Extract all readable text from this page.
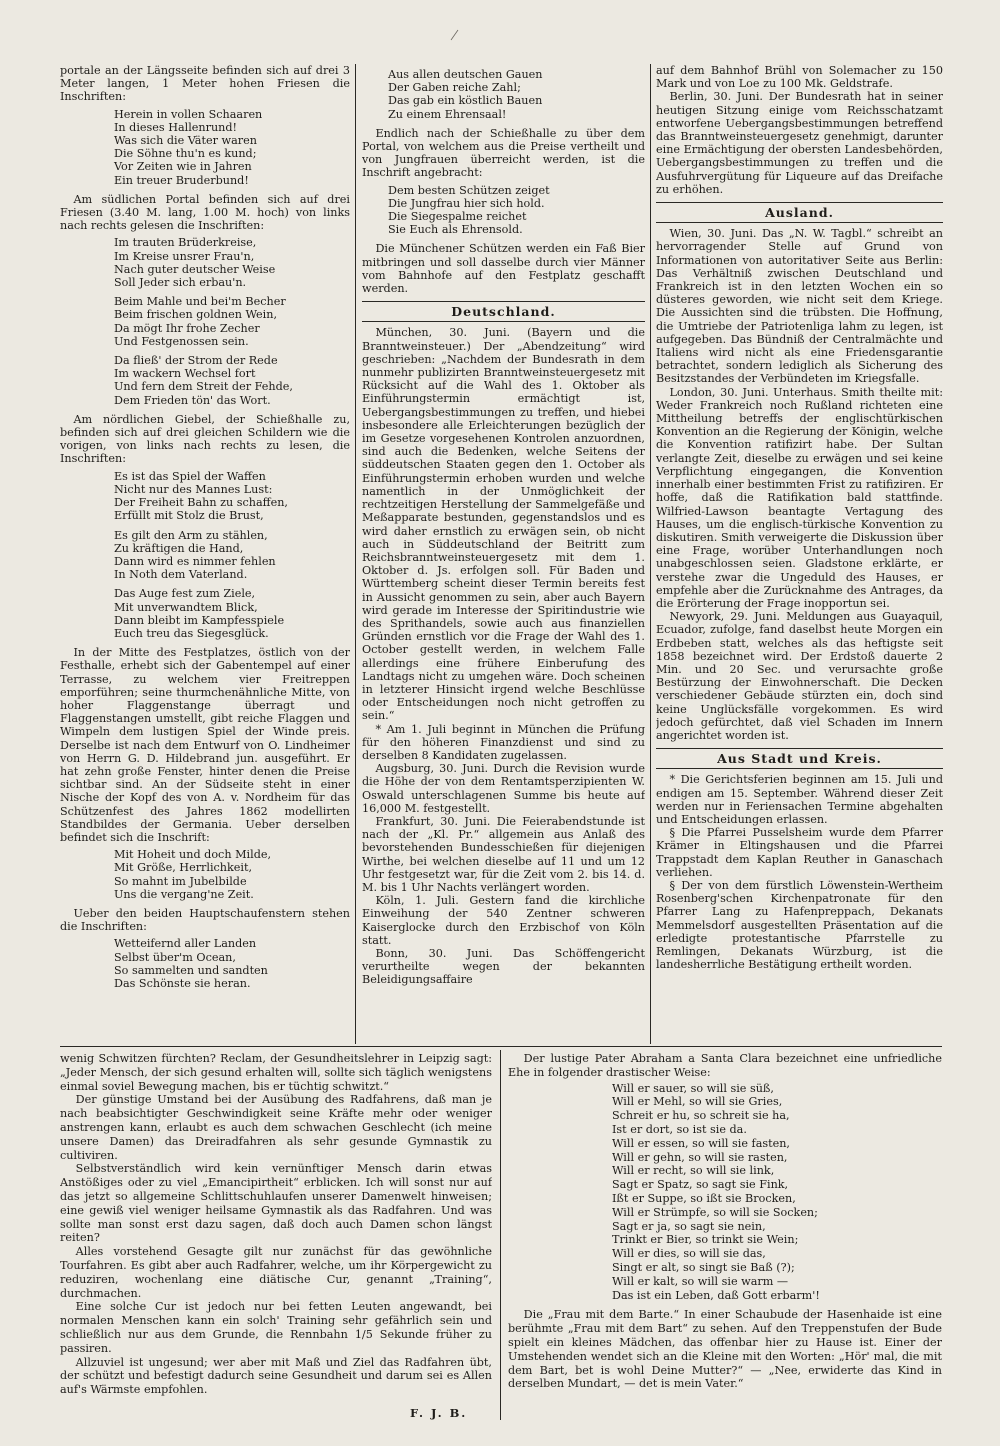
portale an der Längsseite befinden sich auf drei 3 Meter langen, 1 Meter hohen Friesen die Inschriften:

Herein in vollen Schaaren
In dieses Hallenrund!
Was sich die Väter waren
Die Söhne thu'n es kund;
Vor Zeiten wie in Jahren
Ein treuer Bruderbund!

Am südlichen Portal befinden sich auf drei Friesen (3.40 M. lang, 1.00 M. hoch) von links nach rechts gelesen die Inschriften:

Im trauten Brüderkreise,
Im Kreise unsrer Frau'n,
Nach guter deutscher Weise
Soll Jeder sich erbau'n.
Beim Mahle und bei'm Becher
Beim frischen goldnen Wein,
Da mögt Ihr frohe Zecher
Und Festgenossen sein.
Da fließ' der Strom der Rede
Im wackern Wechsel fort
Und fern dem Streit der Fehde,
Dem Frieden tön' das Wort.

Am nördlichen Giebel, der Schießhalle zu, befinden sich auf drei gleichen Schildern wie die vorigen, von links nach rechts zu lesen, die Inschriften:

Es ist das Spiel der Waffen
Nicht nur des Mannes Lust:
Der Freiheit Bahn zu schaffen,
Erfüllt mit Stolz die Brust,
Es gilt den Arm zu stählen,
Zu kräftigen die Hand,
Dann wird es nimmer fehlen
In Noth dem Vaterland.
Das Auge fest zum Ziele,
Mit unverwandtem Blick,
Dann bleibt im Kampfesspiele
Euch treu das Siegesglück.

In der Mitte des Festplatzes, östlich von der Festhalle, erhebt sich der Gabentempel auf einer Terrasse, zu welchem vier Freitreppen emporführen; seine thurmchenähnliche Mitte, von hoher Flaggenstange überragt und Flaggenstangen umstellt, gibt reiche Flaggen und Wimpeln dem lustigen Spiel der Winde preis. Derselbe ist nach dem Entwurf von O. Lindheimer von Herrn G. D. Hildebrand jun. ausgeführt. Er hat zehn große Fenster, hinter denen die Preise sichtbar sind. An der Südseite steht in einer Nische der Kopf des von A. v. Nordheim für das Schützenfest des Jahres 1862 modellirten Standbildes der Germania. Ueber derselben befindet sich die Inschrift:

Mit Hoheit und doch Milde,
Mit Größe, Herrlichkeit,
So mahnt im Jubelbilde
Uns die vergang'ne Zeit.

Ueber den beiden Hauptschaufenstern stehen die Inschriften:

Wetteifernd aller Landen
Selbst über'm Ocean,
So sammelten und sandten
Das Schönste sie heran.
Aus allen deutschen Gauen
Der Gaben reiche Zahl;
Das gab ein köstlich Bauen
Zu einem Ehrensaal!

Endlich nach der Schießhalle zu über dem Portal, von welchem aus die Preise vertheilt und von Jungfrauen überreicht werden, ist die Inschrift angebracht:

Dem besten Schützen zeiget
Die Jungfrau hier sich hold.
Die Siegespalme reichet
Sie Euch als Ehrensold.

Die Münchener Schützen werden ein Faß Bier mitbringen und soll dasselbe durch vier Männer vom Bahnhofe auf den Festplatz geschafft werden.

Deutschland.

München, 30. Juni. (Bayern und die Branntweinsteuer.) Der „Abendzeitung“ wird geschrieben: „Nachdem der Bundesrath in dem nunmehr publizirten Branntweinsteuergesetz mit Rücksicht auf die Wahl des 1. Oktober als Einführungstermin ermächtigt ist, Uebergangsbestimmungen zu treffen, und hiebei insbesondere alle Erleichterungen bezüglich der im Gesetze vorgesehenen Kontrolen anzuordnen, sind auch die Bedenken, welche Seitens der süddeutschen Staaten gegen den 1. October als Einführungstermin erhoben wurden und welche namentlich in der Unmöglichkeit der rechtzeitigen Herstellung der Sammelgefäße und Meßapparate bestunden, gegenstandslos und es wird daher ernstlich zu erwägen sein, ob nicht auch in Süddeutschland der Beitritt zum Reichsbranntweinsteuergesetz mit dem 1. Oktober d. Js. erfolgen soll. Für Baden und Württemberg scheint dieser Termin bereits fest in Aussicht genommen zu sein, aber auch Bayern wird gerade im Interesse der Spiritindustrie wie des Sprithandels, sowie auch aus finanziellen Gründen ernstlich vor die Frage der Wahl des 1. October gestellt werden, in welchem Falle allerdings eine frühere Einberufung des Landtags nicht zu umgehen wäre. Doch scheinen in letzterer Hinsicht irgend welche Beschlüsse oder Entscheidungen noch nicht getroffen zu sein.“

* Am 1. Juli beginnt in München die Prüfung für den höheren Finanzdienst und sind zu derselben 8 Kandidaten zugelassen.

Augsburg, 30. Juni. Durch die Revision wurde die Höhe der von dem Rentamtsperzipienten W. Oswald unterschlagenen Summe bis heute auf 16,000 M. festgestellt.

Frankfurt, 30. Juni. Die Feierabendstunde ist nach der „Kl. Pr.“ allgemein aus Anlaß des bevorstehenden Bundesschießen für diejenigen Wirthe, bei welchen dieselbe auf 11 und um 12 Uhr festgesetzt war, für die Zeit vom 2. bis 14. d. M. bis 1 Uhr Nachts verlängert worden.

Köln, 1. Juli. Gestern fand die kirchliche Einweihung der 540 Zentner schweren Kaiserglocke durch den Erzbischof von Köln statt.

Bonn, 30. Juni. Das Schöffengericht verurtheilte wegen der bekannten Beleidigungsaffaire

auf dem Bahnhof Brühl von Solemacher zu 150 Mark und von Loe zu 100 Mk. Geldstrafe.

Berlin, 30. Juni. Der Bundesrath hat in seiner heutigen Sitzung einige vom Reichsschatzamt entworfene Uebergangsbestimmungen betreffend das Branntweinsteuergesetz genehmigt, darunter eine Ermächtigung der obersten Landesbehörden, Uebergangsbestimmungen zu treffen und die Ausfuhrvergütung für Liqueure auf das Dreifache zu erhöhen.

Ausland.

Wien, 30. Juni. Das „N. W. Tagbl.“ schreibt an hervorragender Stelle auf Grund von Informationen von autoritativer Seite aus Berlin: Das Verhältniß zwischen Deutschland und Frankreich ist in den letzten Wochen ein so düsteres geworden, wie nicht seit dem Kriege. Die Aussichten sind die trübsten. Die Hoffnung, die Umtriebe der Patriotenliga lahm zu legen, ist aufgegeben. Das Bündniß der Centralmächte und Italiens wird nicht als eine Friedensgarantie betrachtet, sondern lediglich als Sicherung des Besitzstandes der Verbündeten im Kriegsfalle.

London, 30. Juni. Unterhaus. Smith theilte mit: Weder Frankreich noch Rußland richteten eine Mittheilung betreffs der englischtürkischen Konvention an die Regierung der Königin, welche die Konvention ratifizirt habe. Der Sultan verlangte Zeit, dieselbe zu erwägen und sei keine Verpflichtung eingegangen, die Konvention innerhalb einer bestimmten Frist zu ratifiziren. Er hoffe, daß die Ratifikation bald stattfinde. Wilfried-Lawson beantagte Vertagung des Hauses, um die englisch-türkische Konvention zu diskutiren. Smith verweigerte die Diskussion über eine Frage, worüber Unterhandlungen noch unabgeschlossen seien. Gladstone erklärte, er verstehe zwar die Ungeduld des Hauses, er empfehle aber die Zurücknahme des Antrages, da die Erörterung der Frage inopportun sei.

Newyork, 29. Juni. Meldungen aus Guayaquil, Ecuador, zufolge, fand daselbst heute Morgen ein Erdbeben statt, welches als das heftigste seit 1858 bezeichnet wird. Der Erdstoß dauerte 2 Min. und 20 Sec. und verursachte große Bestürzung der Einwohnerschaft. Die Decken verschiedener Gebäude stürzten ein, doch sind keine Unglücksfälle vorgekommen. Es wird jedoch gefürchtet, daß viel Schaden im Innern angerichtet worden ist.

Aus Stadt und Kreis.

* Die Gerichtsferien beginnen am 15. Juli und endigen am 15. September. Während dieser Zeit werden nur in Feriensachen Termine abgehalten und Entscheidungen erlassen.

§ Die Pfarrei Pusselsheim wurde dem Pfarrer Krämer in Eltingshausen und die Pfarrei Trappstadt dem Kaplan Reuther in Ganaschach verliehen.

§ Der von dem fürstlich Löwenstein-Wertheim Rosenberg'schen Kirchenpatronate für den Pfarrer Lang zu Hafenpreppach, Dekanats Memmelsdorf ausgestellten Präsentation auf die erledigte protestantische Pfarrstelle zu Remlingen, Dekanats Würzburg, ist die landesherrliche Bestätigung ertheilt worden.

wenig Schwitzen fürchten? Reclam, der Gesundheitslehrer in Leipzig sagt: „Jeder Mensch, der sich gesund erhalten will, sollte sich täglich wenigstens einmal soviel Bewegung machen, bis er tüchtig schwitzt.“

Der günstige Umstand bei der Ausübung des Radfahrens, daß man je nach beabsichtigter Geschwindigkeit seine Kräfte mehr oder weniger anstrengen kann, erlaubt es auch dem schwachen Geschlecht (ich meine unsere Damen) das Dreiradfahren als sehr gesunde Gymnastik zu cultiviren.

Selbstverständlich wird kein vernünftiger Mensch darin etwas Anstößiges oder zu viel „Emancipirtheit“ erblicken. Ich will sonst nur auf das jetzt so allgemeine Schlittschuhlaufen unserer Damenwelt hinweisen; eine gewiß viel weniger heilsame Gymnastik als das Radfahren. Und was sollte man sonst erst dazu sagen, daß doch auch Damen schon längst reiten?

Alles vorstehend Gesagte gilt nur zunächst für das gewöhnliche Tourfahren. Es gibt aber auch Radfahrer, welche, um ihr Körpergewicht zu reduziren, wochenlang eine diätische Cur, genannt „Training“, durchmachen.

Eine solche Cur ist jedoch nur bei fetten Leuten angewandt, bei normalen Menschen kann ein solch' Training sehr gefährlich sein und schließlich nur aus dem Grunde, die Rennbahn 1/5 Sekunde früher zu passiren.

Allzuviel ist ungesund; wer aber mit Maß und Ziel das Radfahren übt, der schützt und befestigt dadurch seine Gesundheit und darum sei es Allen auf's Wärmste empfohlen.

F. J. B.

Der lustige Pater Abraham a Santa Clara bezeichnet eine unfriedliche Ehe in folgender drastischer Weise:

Will er sauer, so will sie süß,
Will er Mehl, so will sie Gries,
Schreit er hu, so schreit sie ha,
Ist er dort, so ist sie da.
Will er essen, so will sie fasten,
Will er gehn, so will sie rasten,
Will er recht, so will sie link,
Sagt er Spatz, so sagt sie Fink,
Ißt er Suppe, so ißt sie Brocken,
Will er Strümpfe, so will sie Socken;
Sagt er ja, so sagt sie nein,
Trinkt er Bier, so trinkt sie Wein;
Will er dies, so will sie das,
Singt er alt, so singt sie Baß (?);
Will er kalt, so will sie warm —
Das ist ein Leben, daß Gott erbarm'!

Die „Frau mit dem Barte.“ In einer Schaubude der Hasenhaide ist eine berühmte „Frau mit dem Bart“ zu sehen. Auf den Treppenstufen der Bude spielt ein kleines Mädchen, das offenbar hier zu Hause ist. Einer der Umstehenden wendet sich an die Kleine mit den Worten: „Hör' mal, die mit dem Bart, bet is wohl Deine Mutter?“ — „Nee, erwiderte das Kind in derselben Mundart, — det is mein Vater.“
